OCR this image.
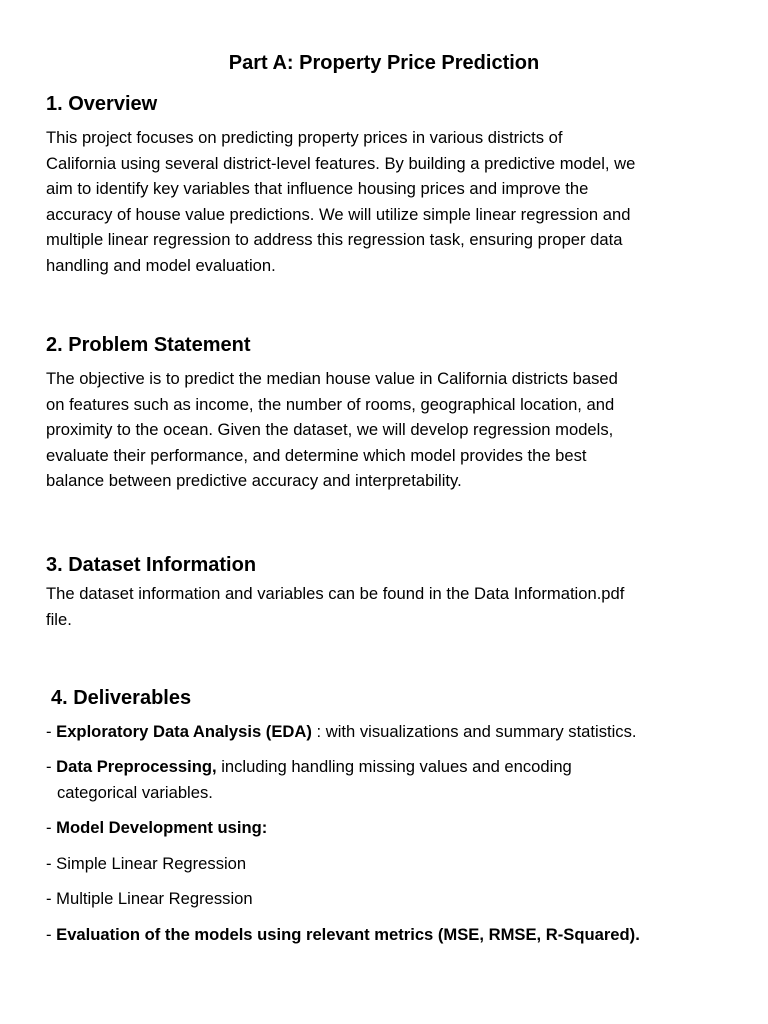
Part A: Property Price Prediction
1. Overview
This project focuses on predicting property prices in various districts of
California using several district-level features. By building a predictive model, we
aim to identify key variables that influence housing prices and improve the
accuracy of house value predictions. We will utilize simple linear regression and
multiple linear regression to address this regression task, ensuring proper data
handling and model evaluation.
2. Problem Statement
The objective is to predict the median house value in California districts based
on features such as income, the number of rooms, geographical location, and
proximity to the ocean. Given the dataset, we will develop regression models,
evaluate their performance, and determine which model provides the best
balance between predictive accuracy and interpretability.
3. Dataset Information
The dataset information and variables can be found in the Data Information.pdf
file.
4. Deliverables
- Exploratory Data Analysis (EDA) : with visualizations and summary statistics.
- Data Preprocessing, including handling missing values and encoding
categorical variables.
- Model Development using:
- Simple Linear Regression
- Multiple Linear Regression
- Evaluation of the models using relevant metrics (MSE, RMSE, R-Squared).
